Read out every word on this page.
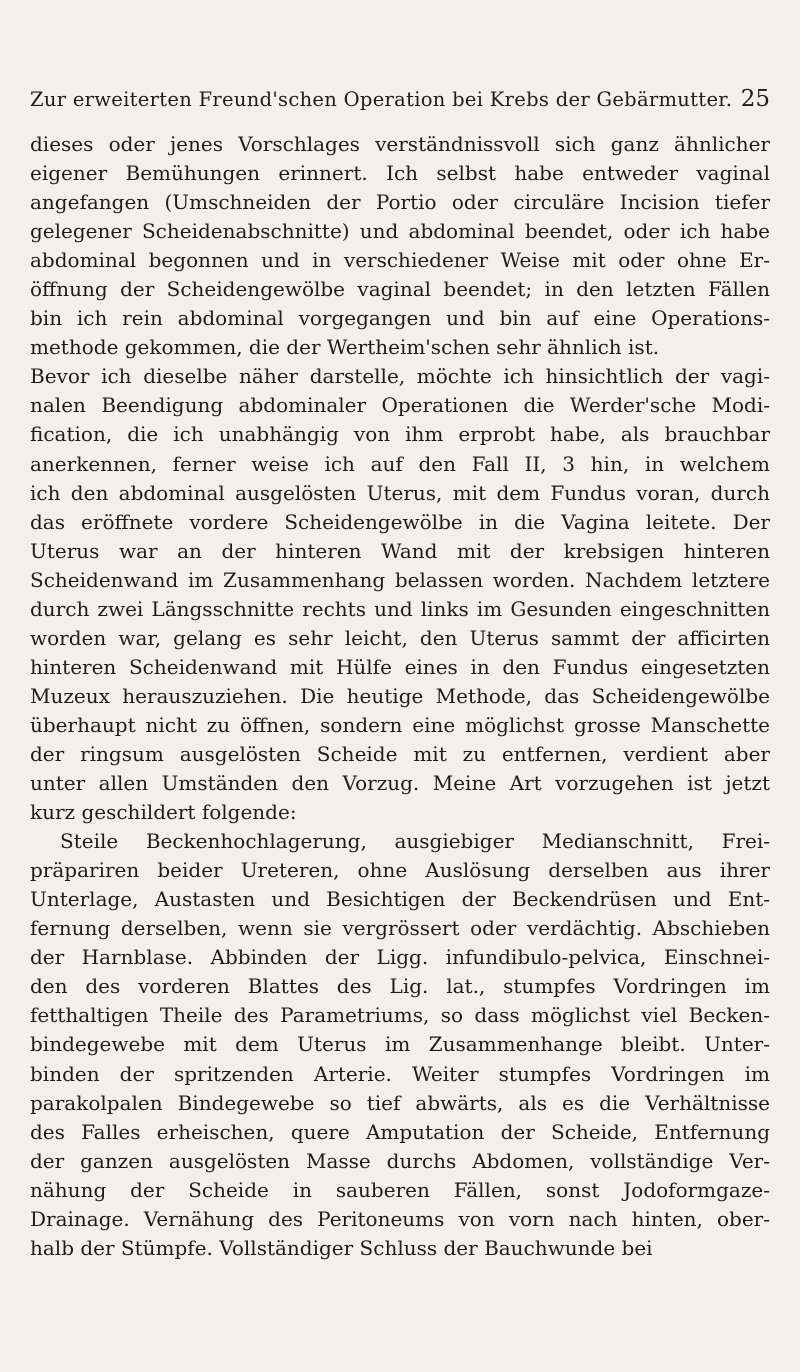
Zur erweiterten Freund'schen Operation bei Krebs der Gebärmutter. 25
dieses oder jenes Vorschlages verständnissvoll sich ganz ähnlicher
eigener Bemühungen erinnert. Ich selbst habe entweder vaginal
angefangen (Umschneiden der Portio oder circuläre Incision tiefer
gelegener Scheidenabschnitte) und abdominal beendet, oder ich habe
abdominal begonnen und in verschiedener Weise mit oder ohne Er-
öffnung der Scheidengewölbe vaginal beendet; in den letzten Fällen
bin ich rein abdominal vorgegangen und bin auf eine Operations-
methode gekommen, die der Wertheim'schen sehr ähnlich ist.
Bevor ich dieselbe näher darstelle, möchte ich hinsichtlich der vagi-
nalen Beendigung abdominaler Operationen die Werder'sche Modi-
fication, die ich unabhängig von ihm erprobt habe, als brauchbar
anerkennen, ferner weise ich auf den Fall II, 3 hin, in welchem
ich den abdominal ausgelösten Uterus, mit dem Fundus voran, durch
das eröffnete vordere Scheidengewölbe in die Vagina leitete. Der
Uterus war an der hinteren Wand mit der krebsigen hinteren
Scheidenwand im Zusammenhang belassen worden. Nachdem letztere
durch zwei Längsschnitte rechts und links im Gesunden eingeschnitten
worden war, gelang es sehr leicht, den Uterus sammt der afficirten
hinteren Scheidenwand mit Hülfe eines in den Fundus eingesetzten
Muzeux herauszuziehen. Die heutige Methode, das Scheidengewölbe
überhaupt nicht zu öffnen, sondern eine möglichst grosse Manschette
der ringsum ausgelösten Scheide mit zu entfernen, verdient aber
unter allen Umständen den Vorzug. Meine Art vorzugehen ist jetzt
kurz geschildert folgende:
Steile Beckenhochlagerung, ausgiebiger Medianschnitt, Frei-
präpariren beider Ureteren, ohne Auslösung derselben aus ihrer
Unterlage, Austasten und Besichtigen der Beckendrüsen und Ent-
fernung derselben, wenn sie vergrössert oder verdächtig. Abschieben
der Harnblase. Abbinden der Ligg. infundibulo-pelvica, Einschnei-
den des vorderen Blattes des Lig. lat., stumpfes Vordringen im
fetthaltigen Theile des Parametriums, so dass möglichst viel Becken-
bindegewebe mit dem Uterus im Zusammenhange bleibt. Unter-
binden der spritzenden Arterie. Weiter stumpfes Vordringen im
parakolpalen Bindegewebe so tief abwärts, als es die Verhältnisse
des Falles erheischen, quere Amputation der Scheide, Entfernung
der ganzen ausgelösten Masse durchs Abdomen, vollständige Ver-
nähung der Scheide in sauberen Fällen, sonst Jodoformgaze-
Drainage. Vernähung des Peritoneums von vorn nach hinten, ober-
halb der Stümpfe. Vollständiger Schluss der Bauchwunde bei
